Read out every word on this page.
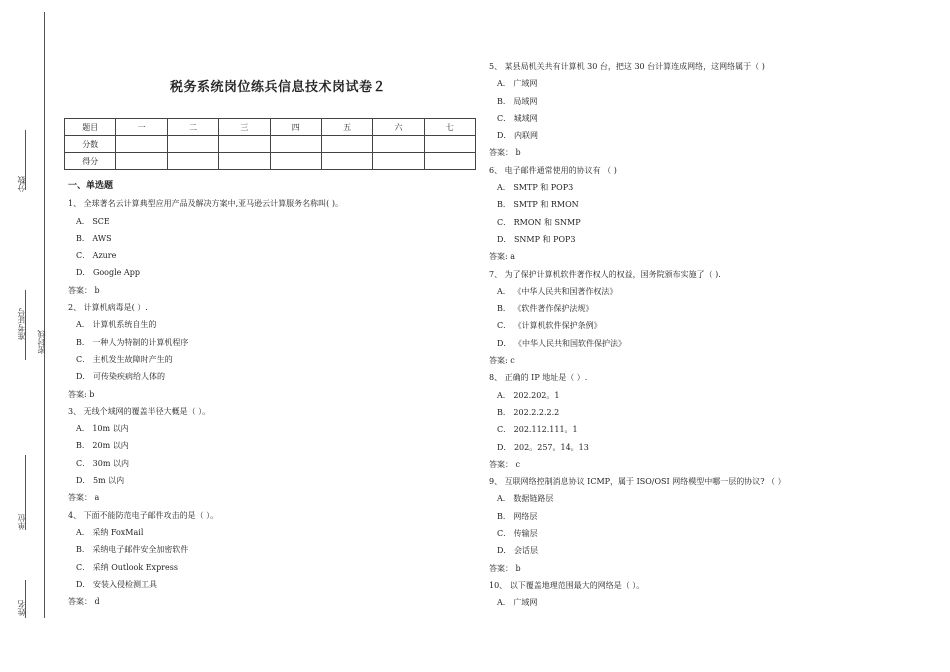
分数
准考证号
密封线
单位
姓名
税务系统岗位练兵信息技术岗试卷２
题目	一	二	三	四	五	六	七
分数							
得分							
一、单选题
1、 全球著名云计算典型应用产品及解决方案中,亚马逊云计算服务名称叫( )。
A． SCE
B． AWS
C． Azure
D． Google App
答案： b
2、 计算机病毒是( ）.
A． 计算机系统自生的
B． 一种人为特制的计算机程序
C． 主机发生故障时产生的
D． 可传染疾病给人体的
答案: b
3、 无线个域网的覆盖半径大概是（ ）。
A． 10m 以内
B． 20m 以内
C． 30m 以内
D． 5m 以内
答案： a
4、 下面不能防范电子邮件攻击的是（ ）。
A． 采纳 FoxMail
B． 采纳电子邮件安全加密软件
C． 采纳 Outlook Express
D． 安装入侵检测工具
答案： d
5、 某县局机关共有计算机 30 台，把这 30 台计算连成网络，这网络属于（ )
A． 广域网
B． 局域网
C． 城域网
D． 内联网
答案： b
6、 电子邮件通常使用的协议有 （ )
A． SMTP 和 POP3
B． SMTP 和 RMON
C． RMON 和 SNMP
D． SNMP 和 POP3
答案: a
7、 为了保护计算机软件著作权人的权益，国务院颁布实施了（ ).
A． 《中华人民共和国著作权法》
B． 《软件著作保护法规》
C． 《计算机软件保护条例》
D． 《中华人民共和国软件保护法》
答案: c
8、 正确的 IP 地址是（ ）.
A． 202.202。1
B． 202.2.2.2.2
C． 202.112.111。1
D． 202。257。14。13
答案： c
9、 互联网络控制消息协议 ICMP，属于 ISO/OSI 网络模型中哪一层的协议? （ ）
A． 数据链路层
B． 网络层
C． 传输层
D． 会话层
答案： b
10、 以下覆盖地理范围最大的网络是（ ）。
A． 广域网
